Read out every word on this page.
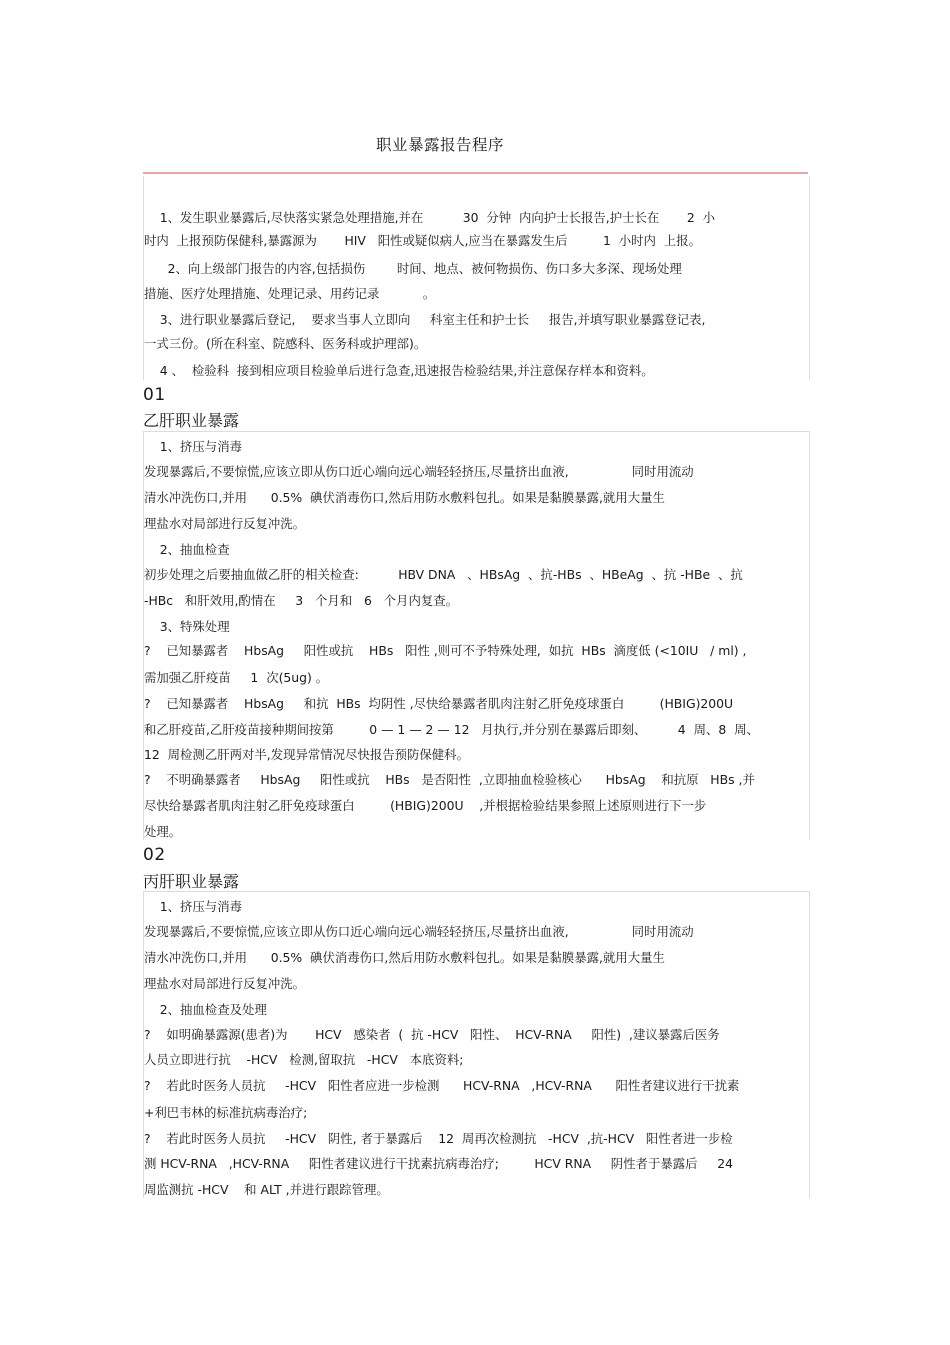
职业暴露报告程序
1、发生职业暴露后,尽快落实紧急处理措施,并在          30  分钟  内向护士长报告,护士长在       2  小
时内  上报预防保健科,暴露源为       HIV   阳性或疑似病人,应当在暴露发生后         1  小时内  上报。
2、向上级部门报告的内容,包括损伤        时间、地点、被何物损伤、伤口多大多深、现场处理
措施、医疗处理措施、处理记录、用药记录           。
3、进行职业暴露后登记,    要求当事人立即向     科室主任和护士长     报告,并填写职业暴露登记表,
一式三份。(所在科室、院感科、医务科或护理部)。
4 、  检验科  接到相应项目检验单后进行急查,迅速报告检验结果,并注意保存样本和资料。
01
乙肝职业暴露
1、挤压与消毒
发现暴露后,不要惊慌,应该立即从伤口近心端向远心端轻轻挤压,尽量挤出血液,                同时用流动
清水冲洗伤口,并用      0.5%  碘伏消毒伤口,然后用防水敷料包扎。如果是黏膜暴露,就用大量生
理盐水对局部进行反复冲洗。
2、抽血检查
初步处理之后要抽血做乙肝的相关检查:          HBV DNA   、HBsAg  、抗-HBs  、HBeAg  、抗 -HBe  、抗
-HBc   和肝效用,酌情在     3   个月和   6   个月内复查。
3、特殊处理
?    已知暴露者    HbsAg     阳性或抗    HBs   阳性 ,则可不予特殊处理,  如抗  HBs  滴度低 (<10IU   / ml) ,
需加强乙肝疫苗     1  次(5ug) 。
?    已知暴露者    HbsAg     和抗  HBs  均阴性 ,尽快给暴露者肌肉注射乙肝免疫球蛋白         (HBIG)200U
和乙肝疫苗,乙肝疫苗接种期间按第         0 — 1 — 2 — 12   月执行,并分别在暴露后即刻、        4  周、8  周、
12  周检测乙肝两对半,发现异常情况尽快报告预防保健科。
?    不明确暴露者     HbsAg     阳性或抗    HBs   是否阳性  ,立即抽血检验核心      HbsAg    和抗原   HBs ,并
尽快给暴露者肌肉注射乙肝免疫球蛋白         (HBIG)200U    ,并根据检验结果参照上述原则进行下一步
处理。
02
丙肝职业暴露
1、挤压与消毒
发现暴露后,不要惊慌,应该立即从伤口近心端向远心端轻轻挤压,尽量挤出血液,                同时用流动
清水冲洗伤口,并用      0.5%  碘伏消毒伤口,然后用防水敷料包扎。如果是黏膜暴露,就用大量生
理盐水对局部进行反复冲洗。
2、抽血检查及处理
?    如明确暴露源(患者)为       HCV   感染者  (  抗 -HCV   阳性、  HCV-RNA     阳性)  ,建议暴露后医务
人员立即进行抗    -HCV   检测,留取抗   -HCV   本底资料;
?    若此时医务人员抗     -HCV   阳性者应进一步检测      HCV-RNA   ,HCV-RNA      阳性者建议进行干扰素
+利巴韦林的标准抗病毒治疗;
?    若此时医务人员抗     -HCV   阴性, 者于暴露后    12  周再次检测抗   -HCV  ,抗-HCV   阳性者进一步检
测 HCV-RNA   ,HCV-RNA     阳性者建议进行干扰素抗病毒治疗;         HCV RNA     阴性者于暴露后     24
周监测抗 -HCV    和 ALT ,并进行跟踪管理。
